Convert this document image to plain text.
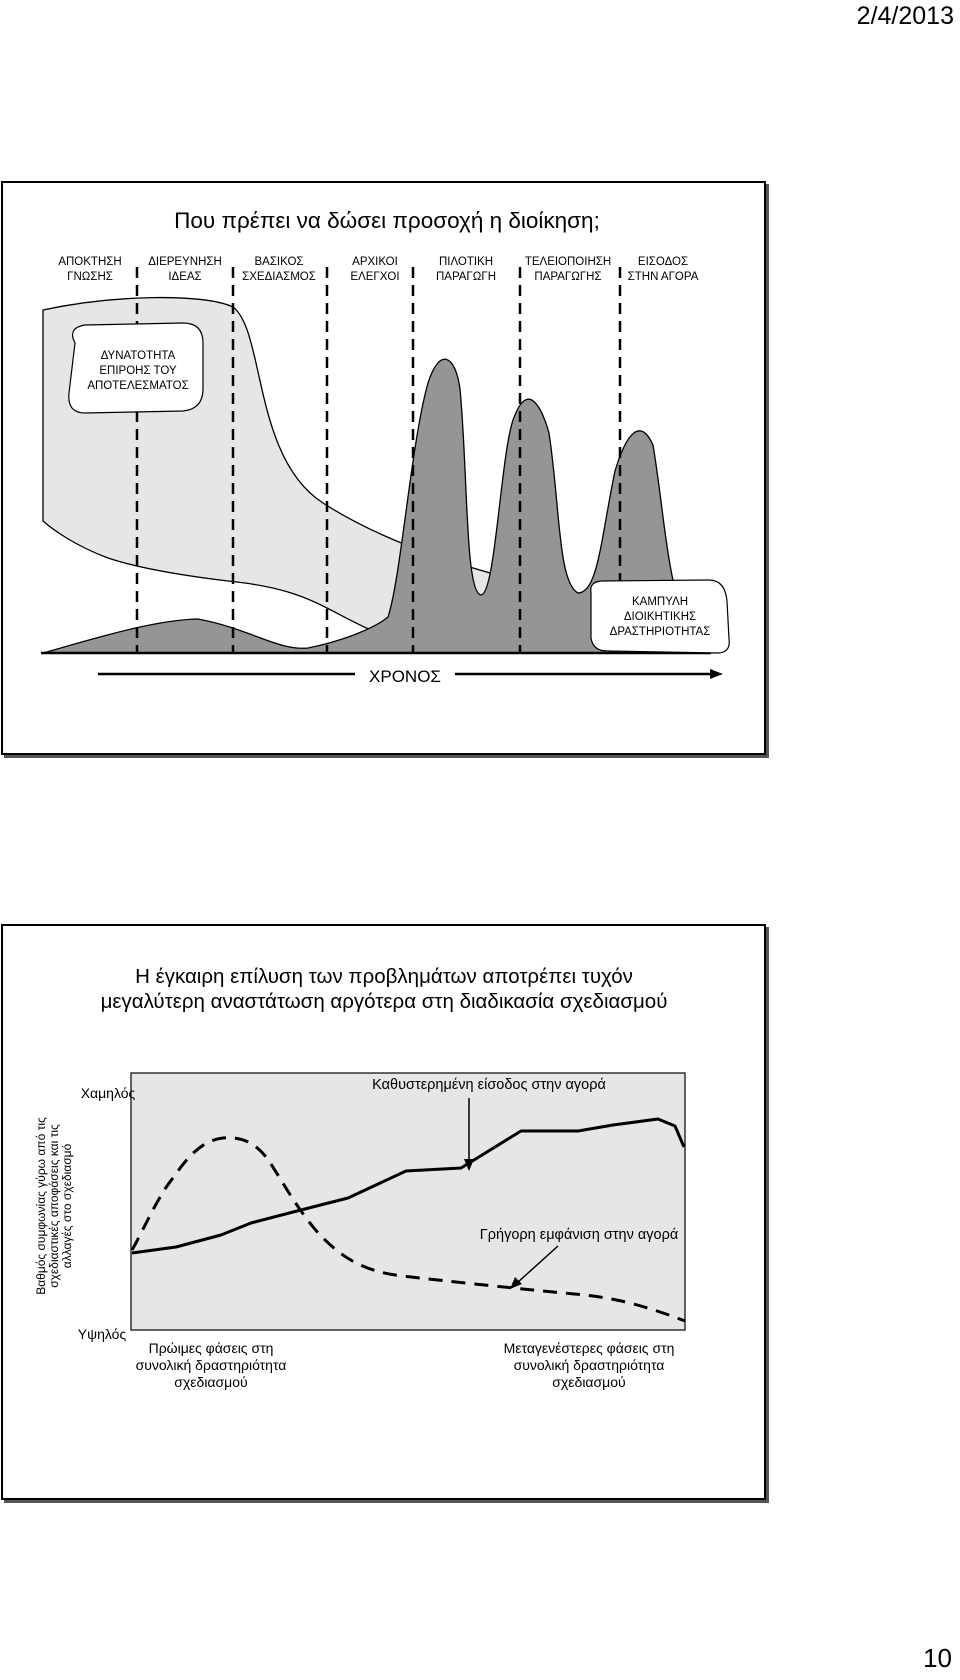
2/4/2013
Που πρέπει να δώσει προσοχή η διοίκηση;
ΑΠΟΚΤΗΣΗ
ΓΝΩΣΗΣ
ΔΙΕΡΕΥΝΗΣΗ
ΙΔΕΑΣ
ΒΑΣΙΚΟΣ
ΣΧΕΔΙΑΣΜΟΣ
ΑΡΧΙΚΟΙ
ΕΛΕΓΧΟΙ
ΠΙΛΟΤΙΚΗ
ΠΑΡΑΓΩΓΗ
ΤΕΛΕΙΟΠΟΙΗΣΗ
ΠΑΡΑΓΩΓΗΣ
ΕΙΣΟΔΟΣ
ΣΤΗΝ ΑΓΟΡΑ
ΔΥΝΑΤΟΤΗΤΑ
ΕΠΙΡΟΗΣ ΤΟΥ
ΑΠΟΤΕΛΕΣΜΑΤΟΣ
ΚΑΜΠΥΛΗ
ΔΙΟΙΚΗΤΙΚΗΣ
ΔΡΑΣΤΗΡΙΟΤΗΤΑΣ
ΧΡΟΝΟΣ
Η έγκαιρη επίλυση των προβλημάτων αποτρέπει τυχόν
μεγαλύτερη αναστάτωση αργότερα στη διαδικασία σχεδιασμού
Χαμηλός
Υψηλός
Βαθμός συμφωνίας γύρω από τις σχεδιαστικές αποφάσεις και τις αλλαγές στο σχεδιασμό
Καθυστερημένη είσοδος στην αγορά
Γρήγορη εμφάνιση στην αγορά
Πρώιμες φάσεις στη
συνολική δραστηριότητα
σχεδιασμού
Μεταγενέστερες φάσεις στη
συνολική δραστηριότητα
σχεδιασμού
10
